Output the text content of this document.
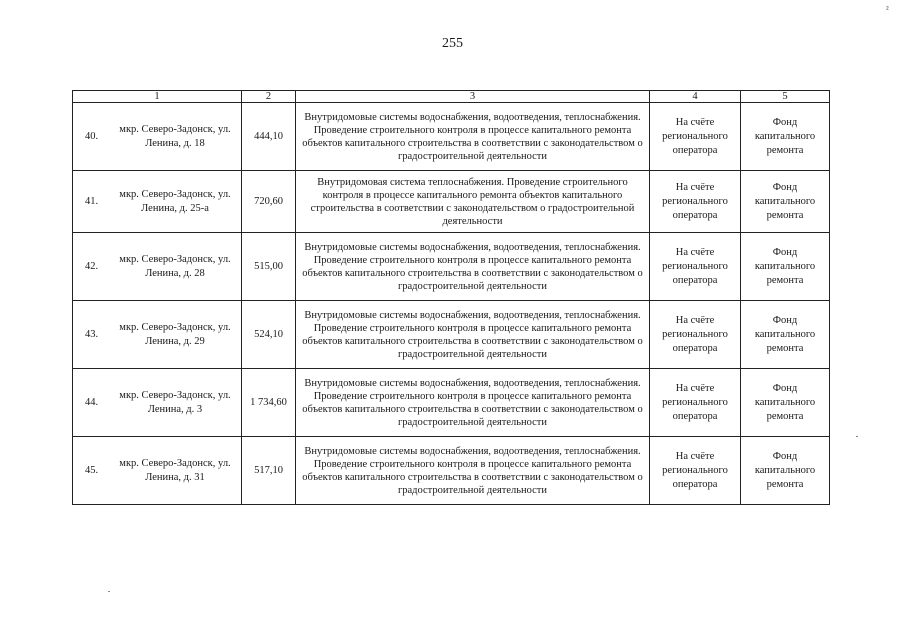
255
²
1	2	3	4	5

40.
мкр. Северо-Задонск, ул. Ленина, д. 18	444,10	Внутридомовые системы водоснабжения, водоотведения, теплоснабжения. Проведение строительного контроля в процессе капитального ремонта объектов капитального строительства в соответствии с законодательством о градостроительной деятельности	На счёте регионального оператора	Фонд капитального ремонта

41.
мкр. Северо-Задонск, ул. Ленина, д. 25-а	720,60	Внутридомовая система теплоснабжения. Проведение строительного контроля в процессе капитального ремонта объектов капитального строительства в соответствии с законодательством о градостроительной деятельности	На счёте регионального оператора	Фонд капитального ремонта

42.
мкр. Северо-Задонск, ул. Ленина, д. 28	515,00	Внутридомовые системы водоснабжения, водоотведения, теплоснабжения. Проведение строительного контроля в процессе капитального ремонта объектов капитального строительства в соответствии с законодательством о градостроительной деятельности	На счёте регионального оператора	Фонд капитального ремонта

43.
мкр. Северо-Задонск, ул. Ленина, д. 29	524,10	Внутридомовые системы водоснабжения, водоотведения, теплоснабжения. Проведение строительного контроля в процессе капитального ремонта объектов капитального строительства в соответствии с законодательством о градостроительной деятельности	На счёте регионального оператора	Фонд капитального ремонта

44.
мкр. Северо-Задонск, ул. Ленина, д. 3	1 734,60	Внутридомовые системы водоснабжения, водоотведения, теплоснабжения. Проведение строительного контроля в процессе капитального ремонта объектов капитального строительства в соответствии с законодательством о градостроительной деятельности	На счёте регионального оператора	Фонд капитального ремонта

45.
мкр. Северо-Задонск, ул. Ленина, д. 31	517,10	Внутридомовые системы водоснабжения, водоотведения, теплоснабжения. Проведение строительного контроля в процессе капитального ремонта объектов капитального строительства в соответствии с законодательством о градостроительной деятельности	На счёте регионального оператора	Фонд капитального ремонта
